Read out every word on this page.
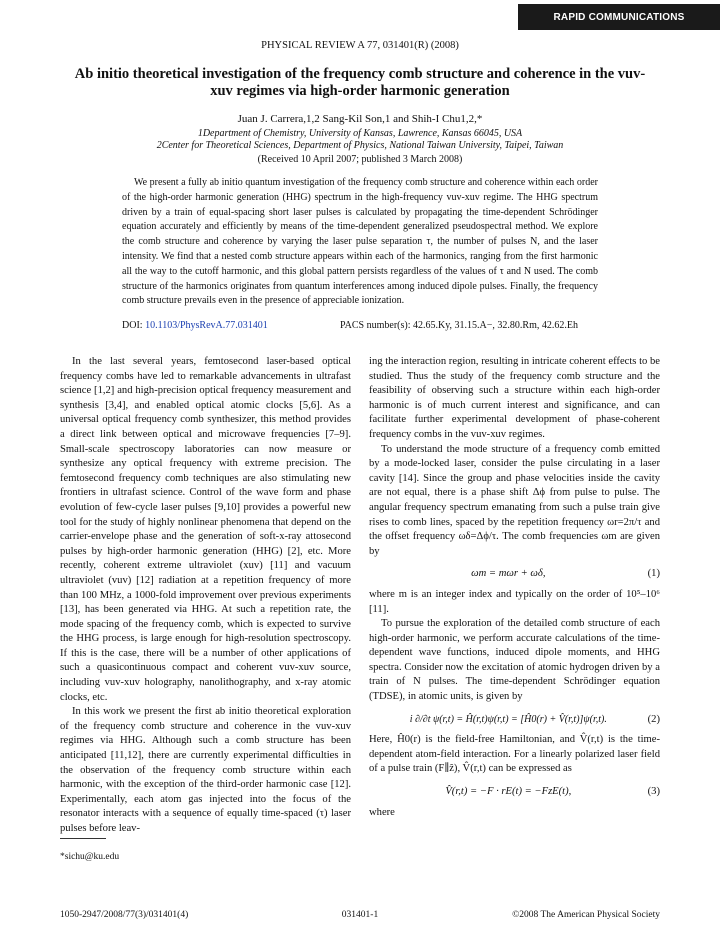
RAPID COMMUNICATIONS
PHYSICAL REVIEW A 77, 031401(R) (2008)
Ab initio theoretical investigation of the frequency comb structure and coherence in the vuv-xuv regimes via high-order harmonic generation
Juan J. Carrera,1,2 Sang-Kil Son,1 and Shih-I Chu1,2,*
1Department of Chemistry, University of Kansas, Lawrence, Kansas 66045, USA
2Center for Theoretical Sciences, Department of Physics, National Taiwan University, Taipei, Taiwan
(Received 10 April 2007; published 3 March 2008)
We present a fully ab initio quantum investigation of the frequency comb structure and coherence within each order of the high-order harmonic generation (HHG) spectrum in the high-frequency vuv-xuv regime. The HHG spectrum driven by a train of equal-spacing short laser pulses is calculated by propagating the time-dependent Schrödinger equation accurately and efficiently by means of the time-dependent generalized pseudospectral method. We explore the comb structure and coherence by varying the laser pulse separation τ, the number of pulses N, and the laser intensity. We find that a nested comb structure appears within each of the harmonics, ranging from the first harmonic all the way to the cutoff harmonic, and this global pattern persists regardless of the values of τ and N used. The comb structure of the harmonics originates from quantum interferences among induced dipole pulses. Finally, the frequency comb structure prevails even in the presence of appreciable ionization.
DOI: 10.1103/PhysRevA.77.031401	PACS number(s): 42.65.Ky, 31.15.A−, 32.80.Rm, 42.62.Eh

In the last several years, femtosecond laser-based optical frequency combs have led to remarkable advancements in ultrafast science [1,2] and high-precision optical frequency measurement and synthesis [3,4], and enabled optical atomic clocks [5,6]. As a universal optical frequency comb synthesizer, this method provides a direct link between optical and microwave frequencies [7–9]. Small-scale spectroscopy laboratories can now measure or synthesize any optical frequency with extreme precision. The femtosecond frequency comb techniques are also stimulating new frontiers in ultrafast science. Control of the wave form and phase evolution of few-cycle laser pulses [9,10] provides a powerful new tool for the study of highly nonlinear phenomena that depend on the carrier-envelope phase and the generation of soft-x-ray attosecond pulses by high-order harmonic generation (HHG) [2], etc. More recently, coherent extreme ultraviolet (xuv) [11] and vacuum ultraviolet (vuv) [12] radiation at a repetition frequency of more than 100 MHz, a 1000-fold improvement over previous experiments [13], has been generated via HHG. At such a repetition rate, the mode spacing of the frequency comb, which is expected to survive the HHG process, is large enough for high-resolution spectroscopy. If this is the case, there will be a number of other applications of such a quasicontinuous compact and coherent vuv-xuv source, including vuv-xuv holography, nanolithography, and x-ray atomic clocks, etc.

In this work we present the first ab initio theoretical exploration of the frequency comb structure and coherence in the vuv-xuv regimes via HHG. Although such a comb structure has been anticipated [11,12], there are currently experimental difficulties in the observation of the frequency comb structure within each harmonic, with the exception of the third-order harmonic case [12]. Experimentally, each atom gas injected into the focus of the resonator interacts with a sequence of equally time-spaced (τ) laser pulses before leav-

ing the interaction region, resulting in intricate coherent effects to be studied. Thus the study of the frequency comb structure and the feasibility of observing such a structure within each high-order harmonic is of much current interest and significance, and can facilitate further experimental development of phase-coherent frequency combs in the vuv-xuv regimes.

To understand the mode structure of a frequency comb emitted by a mode-locked laser, consider the pulse circulating in a laser cavity [14]. Since the group and phase velocities inside the cavity are not equal, there is a phase shift Δϕ from pulse to pulse. The angular frequency spectrum emanating from such a pulse train give rises to comb lines, spaced by the repetition frequency ωr=2π/τ and the offset frequency ωδ=Δϕ/τ. The comb frequencies ωm are given by

ωm = mωr + ωδ,	(1)

where m is an integer index and typically on the order of 10⁵–10⁶ [11].

To pursue the exploration of the detailed comb structure of each high-order harmonic, we perform accurate calculations of the time-dependent wave functions, induced dipole moments, and HHG spectra. Consider now the excitation of atomic hydrogen driven by a train of N pulses. The time-dependent Schrödinger equation (TDSE), in atomic units, is given by

i ∂/∂t ψ(r,t) = Ĥ(r,t)ψ(r,t) = [Ĥ0(r) + V̂(r,t)]ψ(r,t).	(2)

Here, Ĥ0(r) is the field-free Hamiltonian, and V̂(r,t) is the time-dependent atom-field interaction. For a linearly polarized laser field of a pulse train (F∥ẑ), V̂(r,t) can be expressed as

V̂(r,t) = −F · rE(t) = −FzE(t),	(3)

where

*sichu@ku.edu
1050-2947/2008/77(3)/031401(4)	031401-1	©2008 The American Physical Society
